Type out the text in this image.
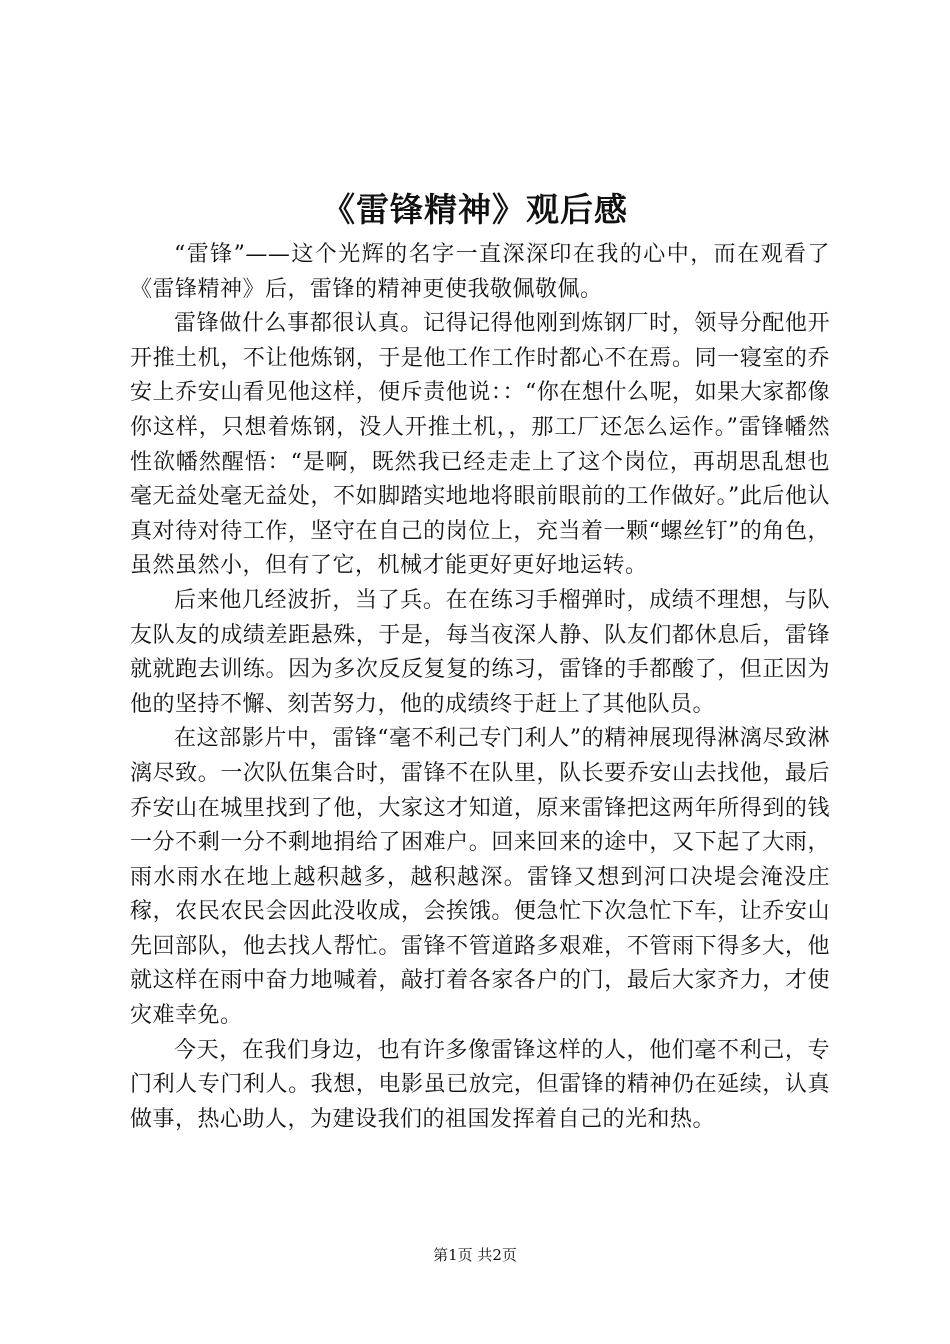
《雷锋精神》观后感

“雷锋”——这个光辉的名字一直深深印在我的心中，而在观看了《雷锋精神》后，雷锋的精神更使我敬佩敬佩。

雷锋做什么事都很认真。记得记得他刚到炼钢厂时，领导分配他开开推土机，不让他炼钢，于是他工作工作时都心不在焉。同一寝室的乔安上乔安山看见他这样，便斥责他说：：“你在想什么呢，如果大家都像你这样，只想着炼钢，没人开推土机，，那工厂还怎么运作。”雷锋幡然性欲幡然醒悟：“是啊，既然我已经走走上了这个岗位，再胡思乱想也毫无益处毫无益处，不如脚踏实地地将眼前眼前的工作做好。”此后他认真对待对待工作，坚守在自己的岗位上，充当着一颗“螺丝钉”的角色，虽然虽然小，但有了它，机械才能更好更好地运转。

后来他几经波折，当了兵。在在练习手榴弹时，成绩不理想，与队友队友的成绩差距悬殊，于是，每当夜深人静、队友们都休息后，雷锋就就跑去训练。因为多次反反复复的练习，雷锋的手都酸了，但正因为他的坚持不懈、刻苦努力，他的成绩终于赶上了其他队员。

在这部影片中，雷锋“毫不利己专门利人”的精神展现得淋漓尽致淋漓尽致。一次队伍集合时，雷锋不在队里，队长要乔安山去找他，最后乔安山在城里找到了他，大家这才知道，原来雷锋把这两年所得到的钱一分不剩一分不剩地捐给了困难户。回来回来的途中，又下起了大雨，雨水雨水在地上越积越多，越积越深。雷锋又想到河口决堤会淹没庄稼，农民农民会因此没收成，会挨饿。便急忙下次急忙下车，让乔安山先回部队，他去找人帮忙。雷锋不管道路多艰难，不管雨下得多大，他就这样在雨中奋力地喊着，敲打着各家各户的门，最后大家齐力，才使灾难幸免。

今天，在我们身边，也有许多像雷锋这样的人，他们毫不利己，专门利人专门利人。我想，电影虽已放完，但雷锋的精神仍在延续，认真做事，热心助人，为建设我们的祖国发挥着自己的光和热。

第1页 共2页
